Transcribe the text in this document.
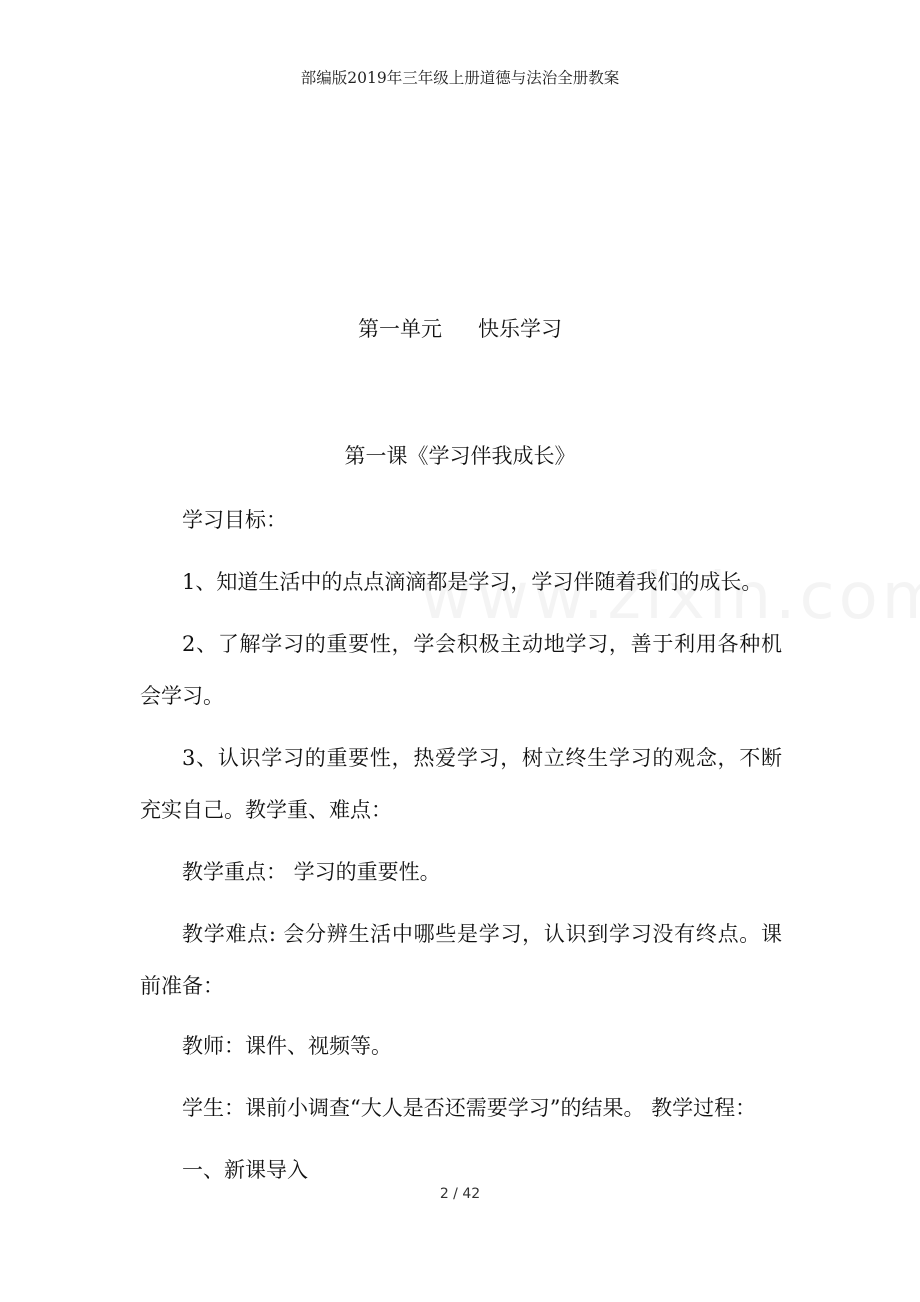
部编版2019年三年级上册道德与法治全册教案
第一单元 快乐学习
第一课《学习伴我成长》

学习目标：

1、知道生活中的点点滴滴都是学习，学习伴随着我们的成长。

2、了解学习的重要性，学会积极主动地学习，善于利用各种机会学习。

3、认识学习的重要性，热爱学习，树立终生学习的观念，不断充实自己。教学重、难点：

教学重点： 学习的重要性。

教学难点: 会分辨生活中哪些是学习，认识到学习没有终点。课前准备：

教师：课件、视频等。

学生：课前小调查“大人是否还需要学习”的结果。 教学过程：

一、新课导入

2 / 42
